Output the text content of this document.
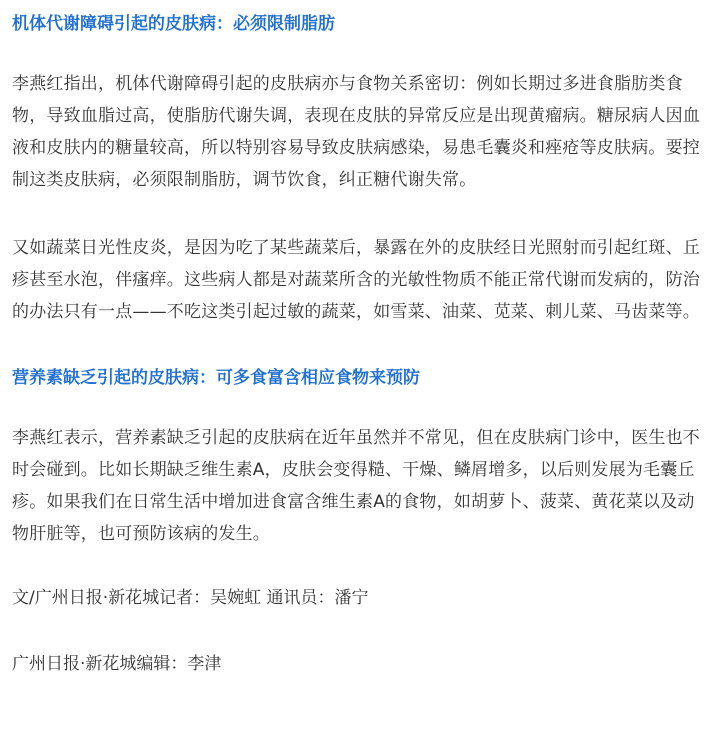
机体代谢障碍引起的皮肤病：必须限制脂肪
李燕红指出，机体代谢障碍引起的皮肤病亦与食物关系密切：例如长期过多进食脂肪类食物，导致血脂过高，使脂肪代谢失调，表现在皮肤的异常反应是出现黄瘤病。糖尿病人因血液和皮肤内的糖量较高，所以特别容易导致皮肤病感染，易患毛囊炎和痤疮等皮肤病。要控制这类皮肤病，必须限制脂肪，调节饮食，纠正糖代谢失常。
又如蔬菜日光性皮炎，是因为吃了某些蔬菜后，暴露在外的皮肤经日光照射而引起红斑、丘疹甚至水泡，伴瘙痒。这些病人都是对蔬菜所含的光敏性物质不能正常代谢而发病的，防治的办法只有一点——不吃这类引起过敏的蔬菜，如雪菜、油菜、苋菜、刺儿菜、马齿菜等。
营养素缺乏引起的皮肤病：可多食富含相应食物来预防
李燕红表示，营养素缺乏引起的皮肤病在近年虽然并不常见，但在皮肤病门诊中，医生也不时会碰到。比如长期缺乏维生素A，皮肤会变得糙、干燥、鳞屑增多，以后则发展为毛囊丘疹。如果我们在日常生活中增加进食富含维生素A的食物，如胡萝卜、菠菜、黄花菜以及动物肝脏等，也可预防该病的发生。
文/广州日报·新花城记者：吴婉虹 通讯员：潘宁
广州日报·新花城编辑：李津
